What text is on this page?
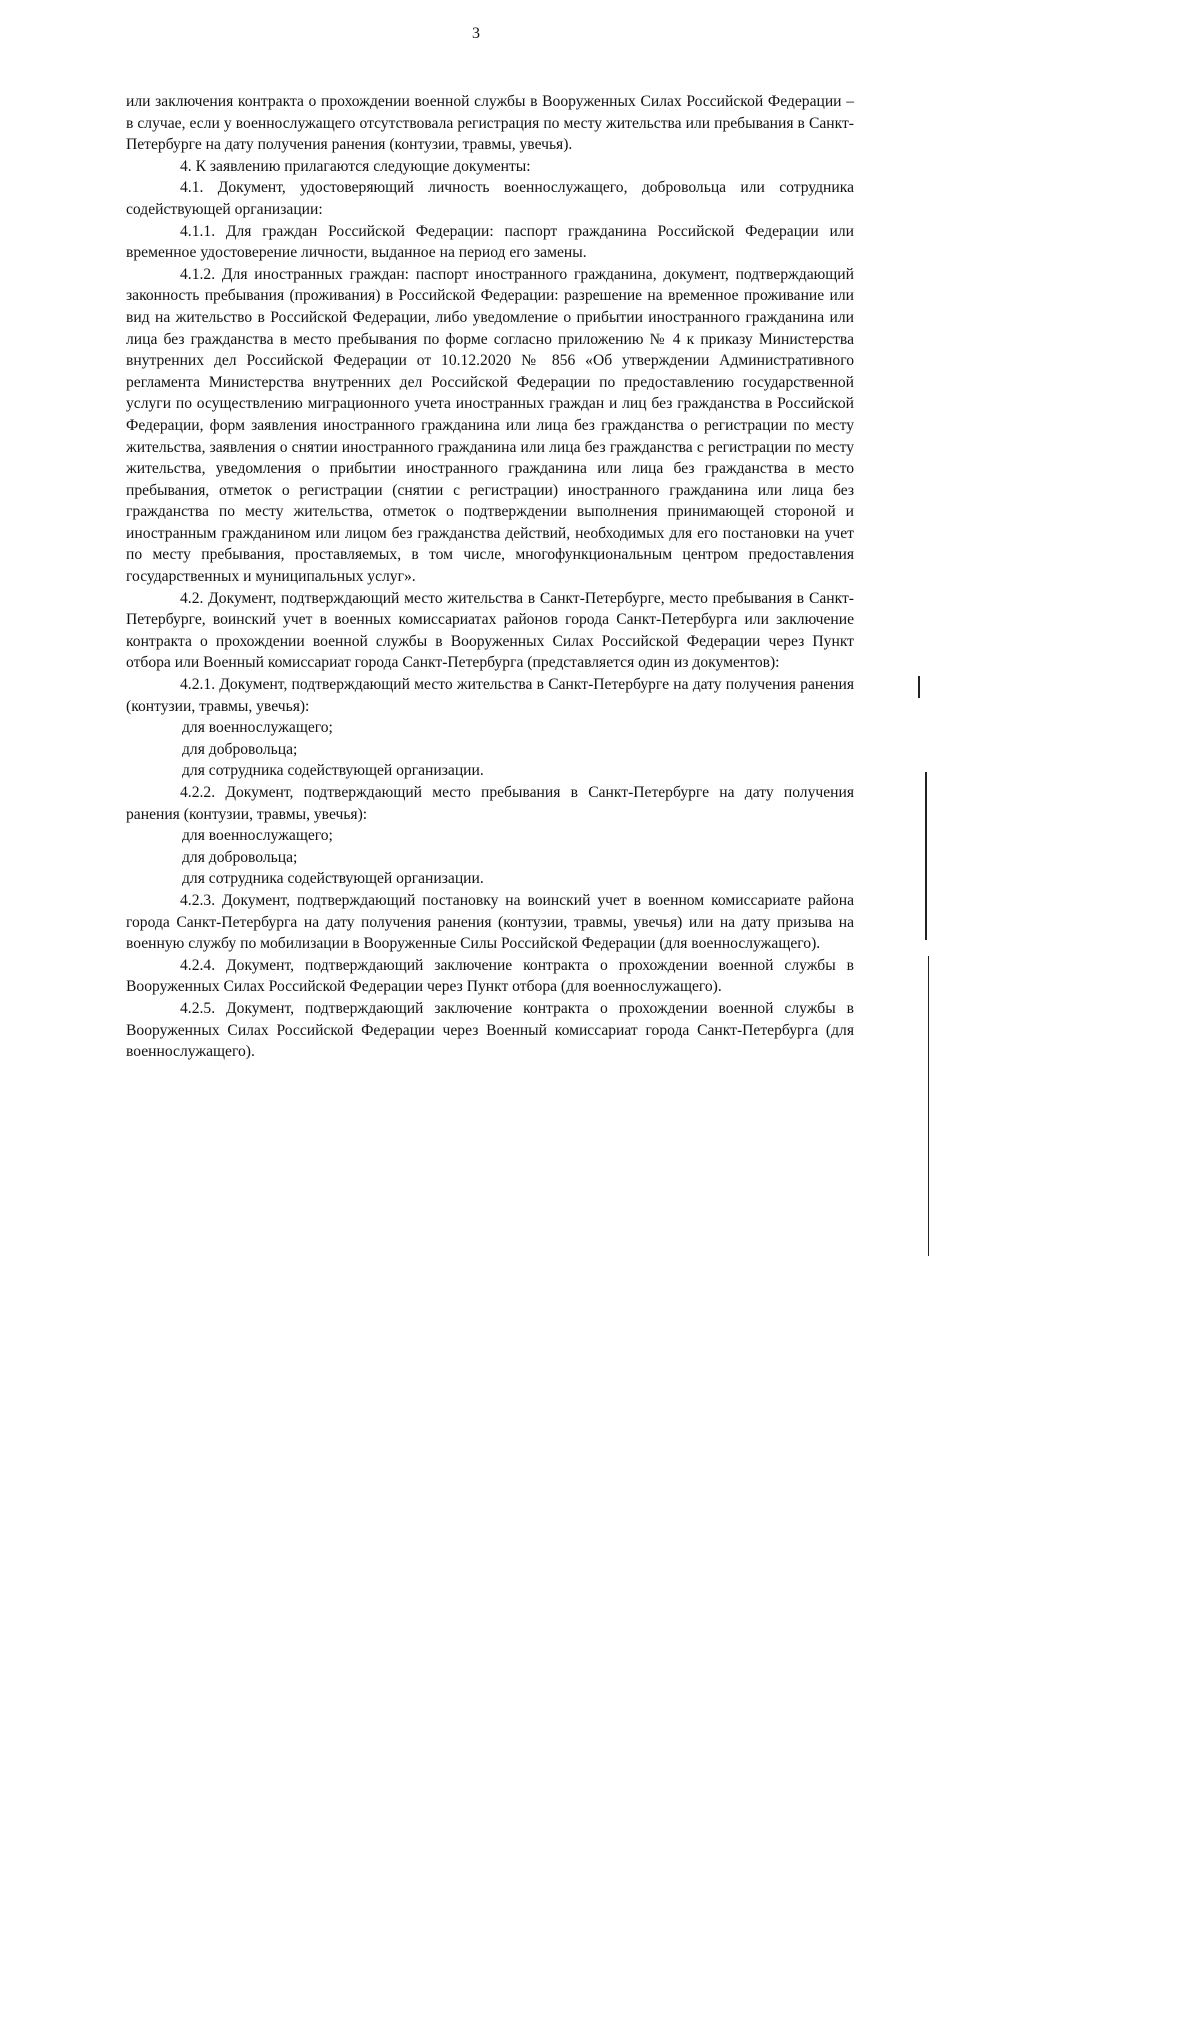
3

или заключения контракта о прохождении военной службы в Вооруженных Силах Российской Федерации – в случае, если у военнослужащего отсутствовала регистрация по месту жительства или пребывания в Санкт-Петербурге на дату получения ранения (контузии, травмы, увечья).

4. К заявлению прилагаются следующие документы:

4.1. Документ, удостоверяющий личность военнослужащего, добровольца или сотрудника содействующей организации:

4.1.1. Для граждан Российской Федерации: паспорт гражданина Российской Федерации или временное удостоверение личности, выданное на период его замены.

4.1.2. Для иностранных граждан: паспорт иностранного гражданина, документ, подтверждающий законность пребывания (проживания) в Российской Федерации: разрешение на временное проживание или вид на жительство в Российской Федерации, либо уведомление о прибытии иностранного гражданина или лица без гражданства в место пребывания по форме согласно приложению № 4 к приказу Министерства внутренних дел Российской Федерации от 10.12.2020 № 856 «Об утверждении Административного регламента Министерства внутренних дел Российской Федерации по предоставлению государственной услуги по осуществлению миграционного учета иностранных граждан и лиц без гражданства в Российской Федерации, форм заявления иностранного гражданина или лица без гражданства о регистрации по месту жительства, заявления о снятии иностранного гражданина или лица без гражданства с регистрации по месту жительства, уведомления о прибытии иностранного гражданина или лица без гражданства в место пребывания, отметок о регистрации (снятии с регистрации) иностранного гражданина или лица без гражданства по месту жительства, отметок о подтверждении выполнения принимающей стороной и иностранным гражданином или лицом без гражданства действий, необходимых для его постановки на учет по месту пребывания, проставляемых, в том числе, многофункциональным центром предоставления государственных и муниципальных услуг».

4.2. Документ, подтверждающий место жительства в Санкт-Петербурге, место пребывания в Санкт-Петербурге, воинский учет в военных комиссариатах районов города Санкт-Петербурга или заключение контракта о прохождении военной службы в Вооруженных Силах Российской Федерации через Пункт отбора или Военный комиссариат города Санкт-Петербурга (представляется один из документов):

4.2.1. Документ, подтверждающий место жительства в Санкт-Петербурге на дату получения ранения (контузии, травмы, увечья):

для военнослужащего;

для добровольца;

для сотрудника содействующей организации.

4.2.2. Документ, подтверждающий место пребывания в Санкт-Петербурге на дату получения ранения (контузии, травмы, увечья):

для военнослужащего;

для добровольца;

для сотрудника содействующей организации.

4.2.3. Документ, подтверждающий постановку на воинский учет в военном комиссариате района города Санкт-Петербурга на дату получения ранения (контузии, травмы, увечья) или на дату призыва на военную службу по мобилизации в Вооруженные Силы Российской Федерации (для военнослужащего).

4.2.4. Документ, подтверждающий заключение контракта о прохождении военной службы в Вооруженных Силах Российской Федерации через Пункт отбора (для военнослужащего).

4.2.5. Документ, подтверждающий заключение контракта о прохождении военной службы в Вооруженных Силах Российской Федерации через Военный комиссариат города Санкт-Петербурга (для военнослужащего).
